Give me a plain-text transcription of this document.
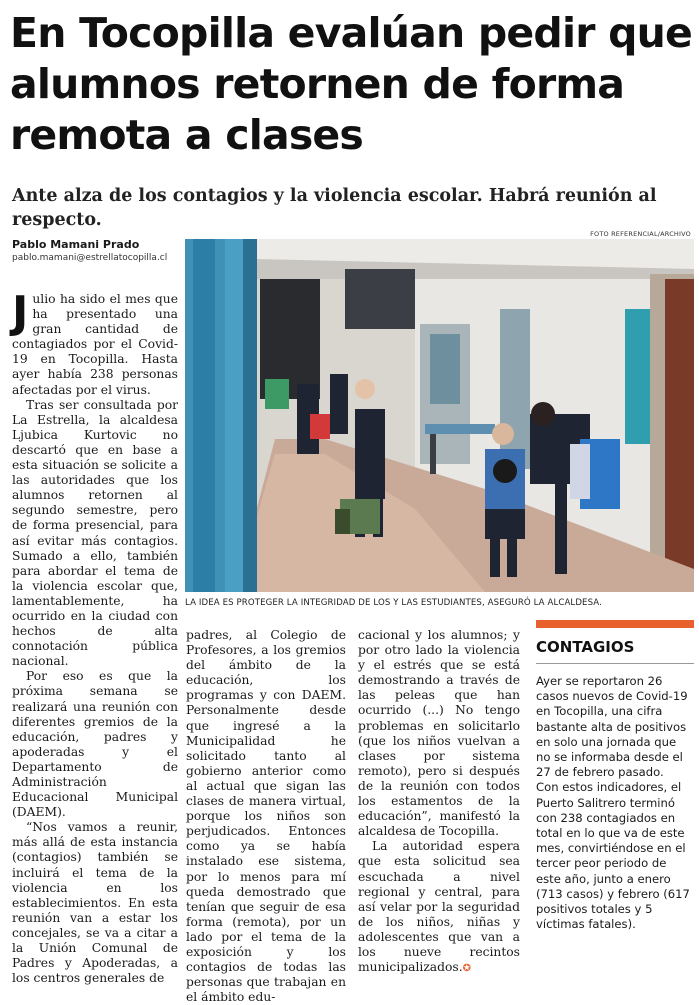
En Tocopilla evalúan pedir que alumnos retornen de forma remota a clases
Ante alza de los contagios y la violencia escolar. Habrá reunión al respecto.
Pablo Mamani Prado
pablo.mamani@estrellatocopilla.cl
FOTO REFERENCIAL/ARCHIVO
LA IDEA ES PROTEGER LA INTEGRIDAD DE LOS Y LAS ESTUDIANTES, ASEGURÓ LA ALCALDESA.

Julio ha sido el mes que ha presentado una gran cantidad de contagiados por el Covid-19 en Tocopilla. Hasta ayer había 238 personas afectadas por el virus.

Tras ser consultada por La Estrella, la alcaldesa Ljubica Kurtovic no descartó que en base a esta situación se solicite a las autoridades que los alumnos retornen al segundo semestre, pero de forma presencial, para así evitar más contagios. Sumado a ello, también para abordar el tema de la violencia escolar que, lamentablemente, ha ocurrido en la ciudad con hechos de alta connotación pública nacional.

Por eso es que la próxima semana se realizará una reunión con diferentes gremios de la educación, padres y apoderadas y el Departamento de Administración Educacional Municipal (DAEM).

“Nos vamos a reunir, más allá de esta instancia (contagios) también se incluirá el tema de la violencia en los establecimientos. En esta reunión van a estar los concejales, se va a citar a la Unión Comunal de Padres y Apoderadas, a los centros generales de

padres, al Colegio de Profesores, a los gremios del ámbito de la educación, los programas y con DAEM. Personalmente desde que ingresé a la Municipalidad he solicitado tanto al gobierno anterior como al actual que sigan las clases de manera virtual, porque los niños son perjudicados. Entonces como ya se había instalado ese sistema, por lo menos para mí queda demostrado que tenían que seguir de esa forma (remota), por un lado por el tema de la exposición y los contagios de todas las personas que trabajan en el ámbito edu-

cacional y los alumnos; y por otro lado la violencia y el estrés que se está demostrando a través de las peleas que han ocurrido (...) No tengo problemas en solicitarlo (que los niños vuelvan a clases por sistema remoto), pero si después de la reunión con todos los estamentos de la educación”, manifestó la alcaldesa de Tocopilla.

La autoridad espera que esta solicitud sea escuchada a nivel regional y central, para así velar por la seguridad de los niños, niñas y adolescentes que van a los nueve recintos municipalizados.✪

CONTAGIOS

Ayer se reportaron 26 casos nuevos de Covid-19 en Tocopilla, una cifra bastante alta de positivos en solo una jornada que no se informaba desde el 27 de febrero pasado.

Con estos indicadores, el Puerto Salitrero terminó con 238 contagiados en total en lo que va de este mes, convirtiéndose en el tercer peor periodo de este año, junto a enero (713 casos) y febrero (617 positivos totales y 5 víctimas fatales).
